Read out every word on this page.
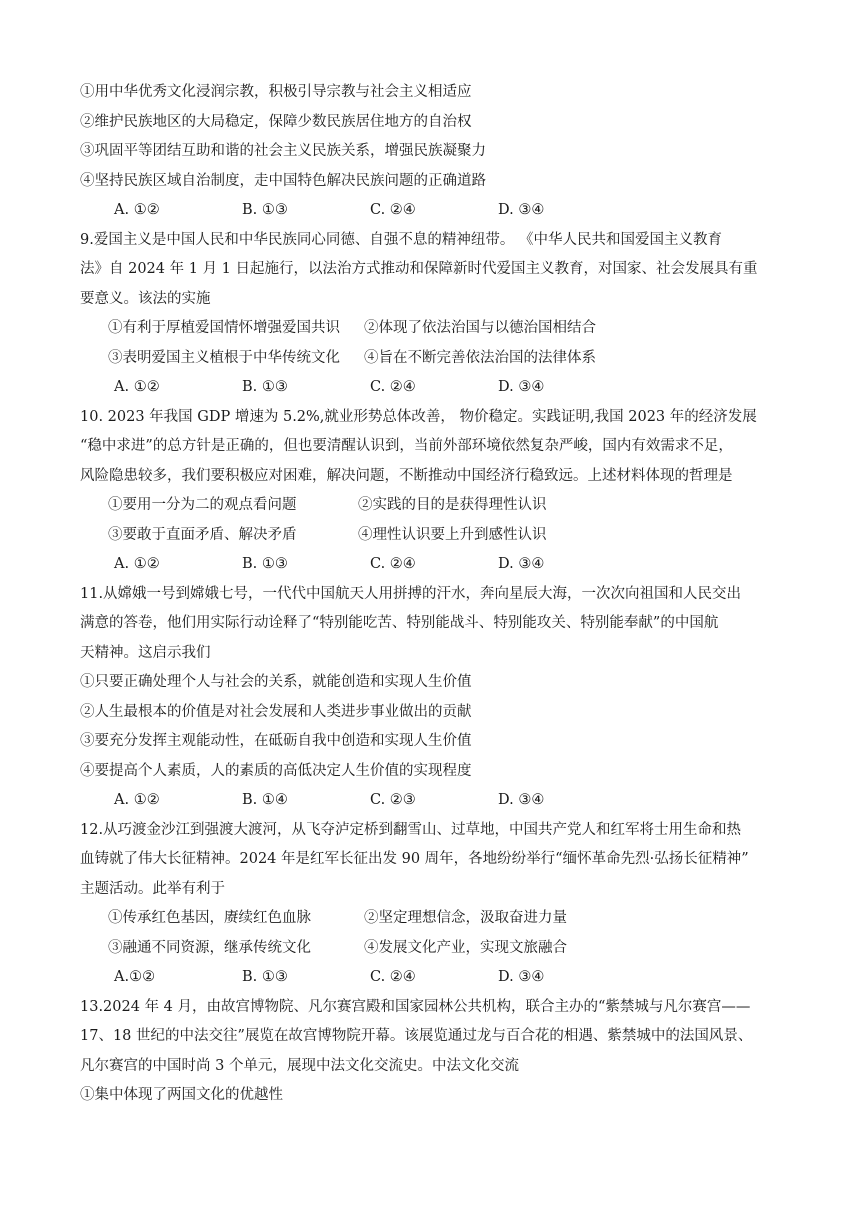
①用中华优秀文化浸润宗教，积极引导宗教与社会主义相适应
②维护民族地区的大局稳定，保障少数民族居住地方的自治权
③巩固平等团结互助和谐的社会主义民族关系，增强民族凝聚力
④坚持民族区域自治制度，走中国特色解决民族问题的正确道路
A. ①②	B. ①③	C. ②④	D. ③④
9.爱国主义是中国人民和中华民族同心同德、自强不息的精神纽带。 《中华人民共和国爱国主义教育
法》自 2024 年 1 月 1 日起施行，以法治方式推动和保障新时代爱国主义教育，对国家、社会发展具有重
要意义。该法的实施
①有利于厚植爱国情怀增强爱国共识	②体现了依法治国与以德治国相结合
③表明爱国主义植根于中华传统文化	④旨在不断完善依法治国的法律体系
A. ①②	B. ①③	C. ②④	D. ③④
10. 2023 年我国 GDP 增速为 5.2%,就业形势总体改善， 物价稳定。实践证明,我国 2023 年的经济发展
“稳中求进”的总方针是正确的，但也要清醒认识到，当前外部环境依然复杂严峻，国内有效需求不足，
风险隐患较多，我们要积极应对困难，解决问题，不断推动中国经济行稳致远。上述材料体现的哲理是
①要用一分为二的观点看问题	②实践的目的是获得理性认识
③要敢于直面矛盾、解决矛盾	④理性认识要上升到感性认识
A. ①②	B. ①③	C. ②④	D. ③④
11.从嫦娥一号到嫦娥七号，一代代中国航天人用拼搏的汗水，奔向星辰大海，一次次向祖国和人民交出
满意的答卷，他们用实际行动诠释了“特别能吃苦、特别能战斗、特别能攻关、特别能奉献”的中国航
天精神。这启示我们
①只要正确处理个人与社会的关系，就能创造和实现人生价值
②人生最根本的价值是对社会发展和人类进步事业做出的贡献
③要充分发挥主观能动性，在砥砺自我中创造和实现人生价值
④要提高个人素质，人的素质的高低决定人生价值的实现程度
A. ①②	B. ①④	C. ②③	D. ③④
12.从巧渡金沙江到强渡大渡河，从飞夺泸定桥到翻雪山、过草地，中国共产党人和红军将士用生命和热
血铸就了伟大长征精神。2024 年是红军长征出发 90 周年，各地纷纷举行“缅怀革命先烈·弘扬长征精神”
主题活动。此举有利于
①传承红色基因，赓续红色血脉	②坚定理想信念，汲取奋进力量
③融通不同资源，继承传统文化	④发展文化产业，实现文旅融合
A.①②	B. ①③	C. ②④	D. ③④
13.2024 年 4 月，由故宫博物院、凡尔赛宫殿和国家园林公共机构，联合主办的“紫禁城与凡尔赛宫——
17、18 世纪的中法交往”展览在故宫博物院开幕。该展览通过龙与百合花的相遇、紫禁城中的法国风景、
凡尔赛宫的中国时尚 3 个单元，展现中法文化交流史。中法文化交流
①集中体现了两国文化的优越性
